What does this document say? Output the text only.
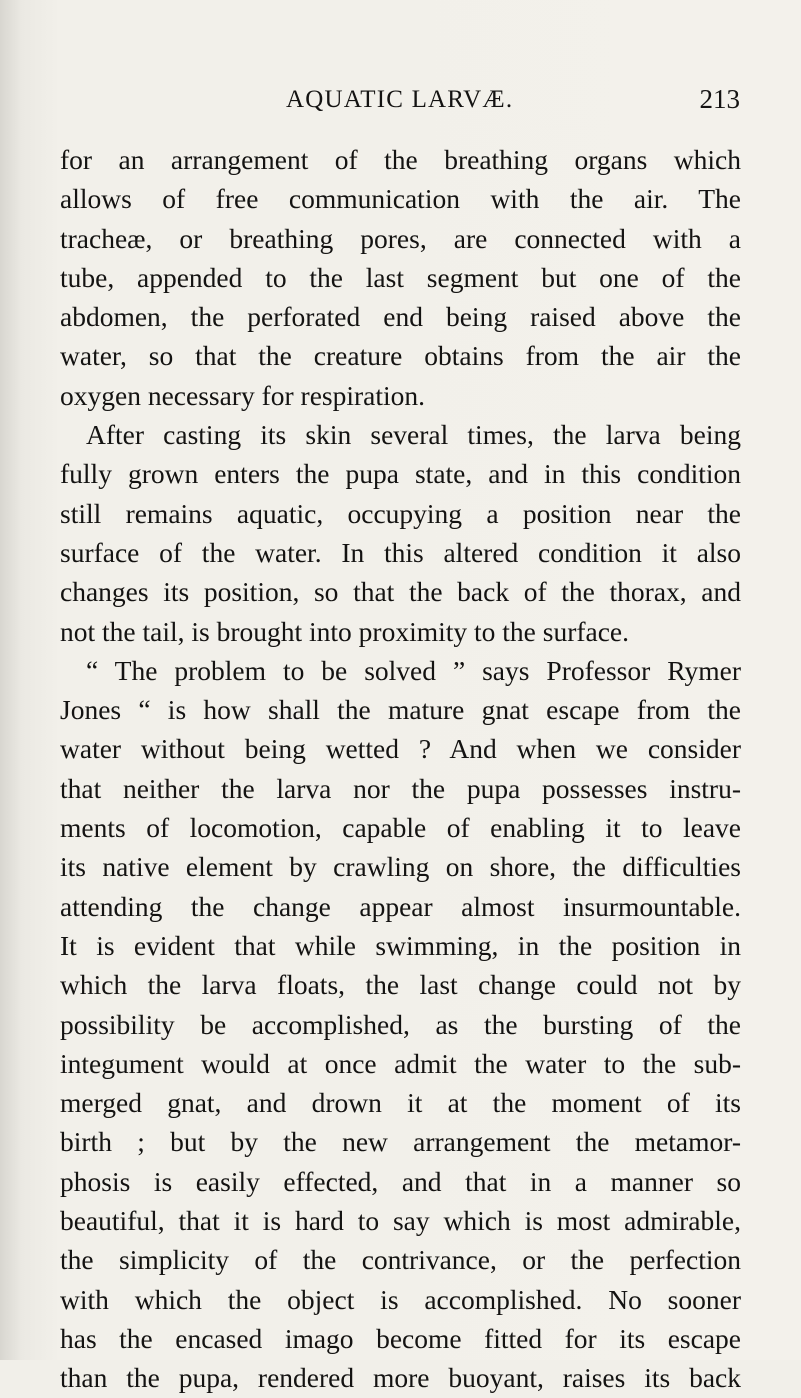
AQUATIC LARVÆ.	213
for an arrangement of the breathing organs which
allows of free communication with the air. The
tracheæ, or breathing pores, are connected with a
tube, appended to the last segment but one of the
abdomen, the perforated end being raised above the
water, so that the creature obtains from the air the
oxygen necessary for respiration.
After casting its skin several times, the larva being
fully grown enters the pupa state, and in this condition
still remains aquatic, occupying a position near the
surface of the water. In this altered condition it also
changes its position, so that the back of the thorax, and
not the tail, is brought into proximity to the surface.
“ The problem to be solved ” says Professor Rymer
Jones “ is how shall the mature gnat escape from the
water without being wetted ? And when we consider
that neither the larva nor the pupa possesses instru-
ments of locomotion, capable of enabling it to leave
its native element by crawling on shore, the difficulties
attending the change appear almost insurmountable.
It is evident that while swimming, in the position in
which the larva floats, the last change could not by
possibility be accomplished, as the bursting of the
integument would at once admit the water to the sub-
merged gnat, and drown it at the moment of its
birth ; but by the new arrangement the metamor-
phosis is easily effected, and that in a manner so
beautiful, that it is hard to say which is most admirable,
the simplicity of the contrivance, or the perfection
with which the object is accomplished. No sooner
has the encased imago become fitted for its escape
than the pupa, rendered more buoyant, raises its back
